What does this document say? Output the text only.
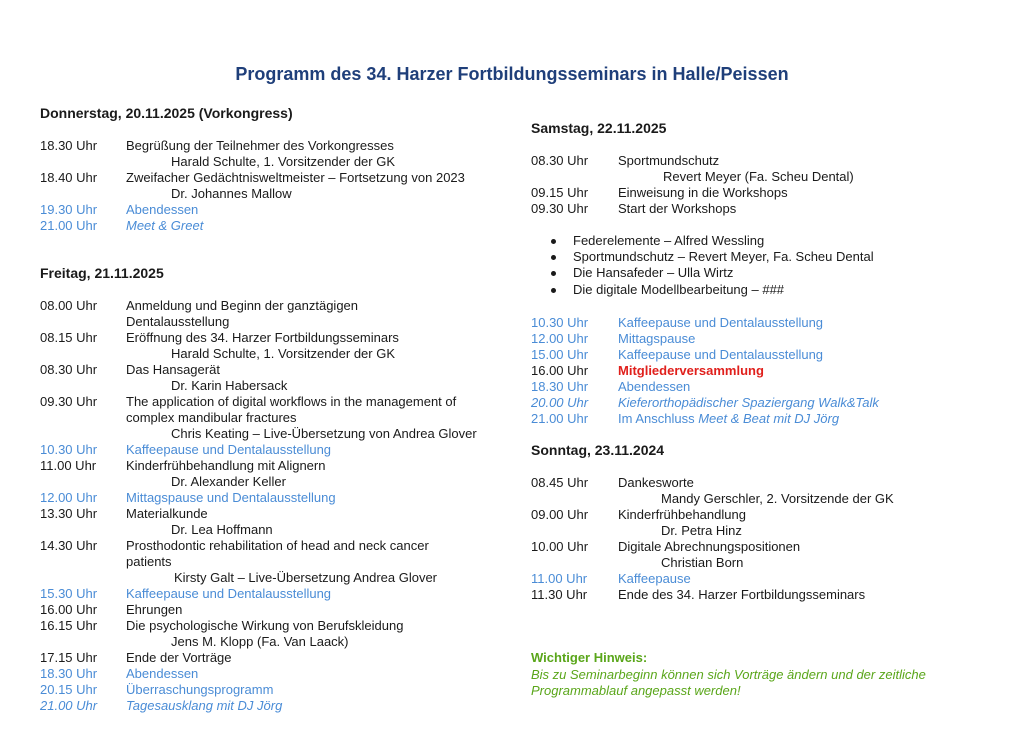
Programm des 34. Harzer Fortbildungsseminars in Halle/Peissen
Donnerstag, 20.11.2025 (Vorkongress)
18.30 Uhr	Begrüßung der Teilnehmer des Vorkongresses
Harald Schulte, 1. Vorsitzender der GK
18.40 Uhr	Zweifacher Gedächtnisweltmeister – Fortsetzung von 2023
Dr. Johannes Mallow
19.30 Uhr	Abendessen
21.00 Uhr	Meet & Greet
Freitag, 21.11.2025
08.00 Uhr	Anmeldung und Beginn der ganztägigen
Dentalausstellung
08.15 Uhr	Eröffnung des 34. Harzer Fortbildungsseminars
Harald Schulte, 1. Vorsitzender der GK
08.30 Uhr	Das Hansagerät
Dr. Karin Habersack
09.30 Uhr	The application of digital workflows in the management of
complex mandibular fractures
Chris Keating – Live-Übersetzung von Andrea Glover
10.30 Uhr	Kaffeepause und Dentalausstellung
11.00 Uhr	Kinderfrühbehandlung mit Alignern
Dr. Alexander Keller
12.00 Uhr	Mittagspause und Dentalausstellung
13.30 Uhr	Materialkunde
Dr. Lea Hoffmann
14.30 Uhr	Prosthodontic rehabilitation of head and neck cancer
patients
Kirsty Galt – Live-Übersetzung Andrea Glover
15.30 Uhr	Kaffeepause und Dentalausstellung
16.00 Uhr	Ehrungen
16.15 Uhr	Die psychologische Wirkung von Berufskleidung
Jens M. Klopp (Fa. Van Laack)
17.15 Uhr	Ende der Vorträge
18.30 Uhr	Abendessen
20.15 Uhr	Überraschungsprogramm
21.00 Uhr	Tagesausklang mit DJ Jörg
Samstag, 22.11.2025
08.30 Uhr	Sportmundschutz
Revert Meyer (Fa. Scheu Dental)
09.15 Uhr	Einweisung in die Workshops
09.30 Uhr	Start der Workshops
Federelemente – Alfred Wessling
Sportmundschutz – Revert Meyer, Fa. Scheu Dental
Die Hansafeder – Ulla Wirtz
Die digitale Modellbearbeitung – ###
10.30 Uhr	Kaffeepause und Dentalausstellung
12.00 Uhr	Mittagspause
15.00 Uhr	Kaffeepause und Dentalausstellung
16.00 Uhr	Mitgliederversammlung
18.30 Uhr	Abendessen
20.00 Uhr	Kieferorthopädischer Spaziergang Walk&Talk
21.00 Uhr	Im Anschluss Meet & Beat mit DJ Jörg
Sonntag, 23.11.2024
08.45 Uhr	Dankesworte
Mandy Gerschler, 2. Vorsitzende der GK
09.00 Uhr	Kinderfrühbehandlung
Dr. Petra Hinz
10.00 Uhr	Digitale Abrechnungspositionen
Christian Born
11.00 Uhr	Kaffeepause
11.30 Uhr	Ende des 34. Harzer Fortbildungsseminars
Wichtiger Hinweis:
Bis zu Seminarbeginn können sich Vorträge ändern und der zeitliche Programmablauf angepasst werden!
